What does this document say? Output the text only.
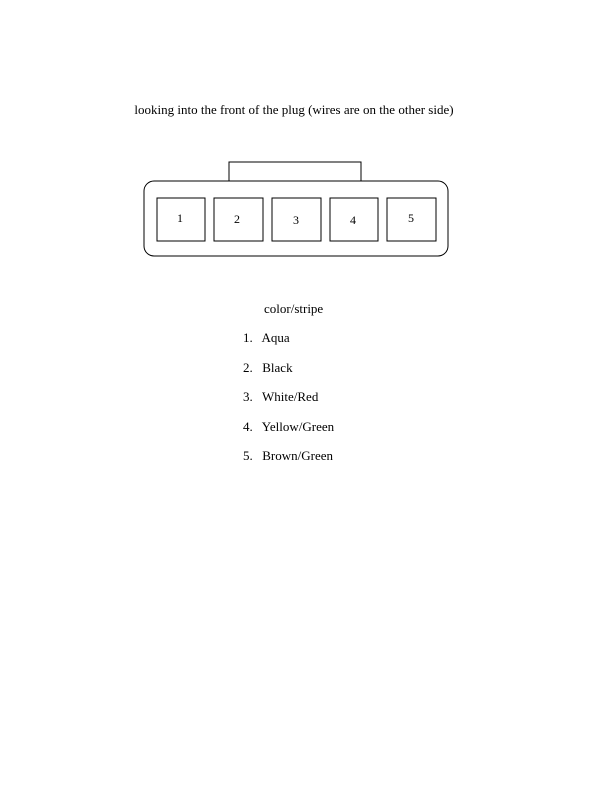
looking into the front of the plug (wires are on the other side)
1	2	3	4	5
color/stripe
1. Aqua
2. Black
3. White/Red
4. Yellow/Green
5. Brown/Green
